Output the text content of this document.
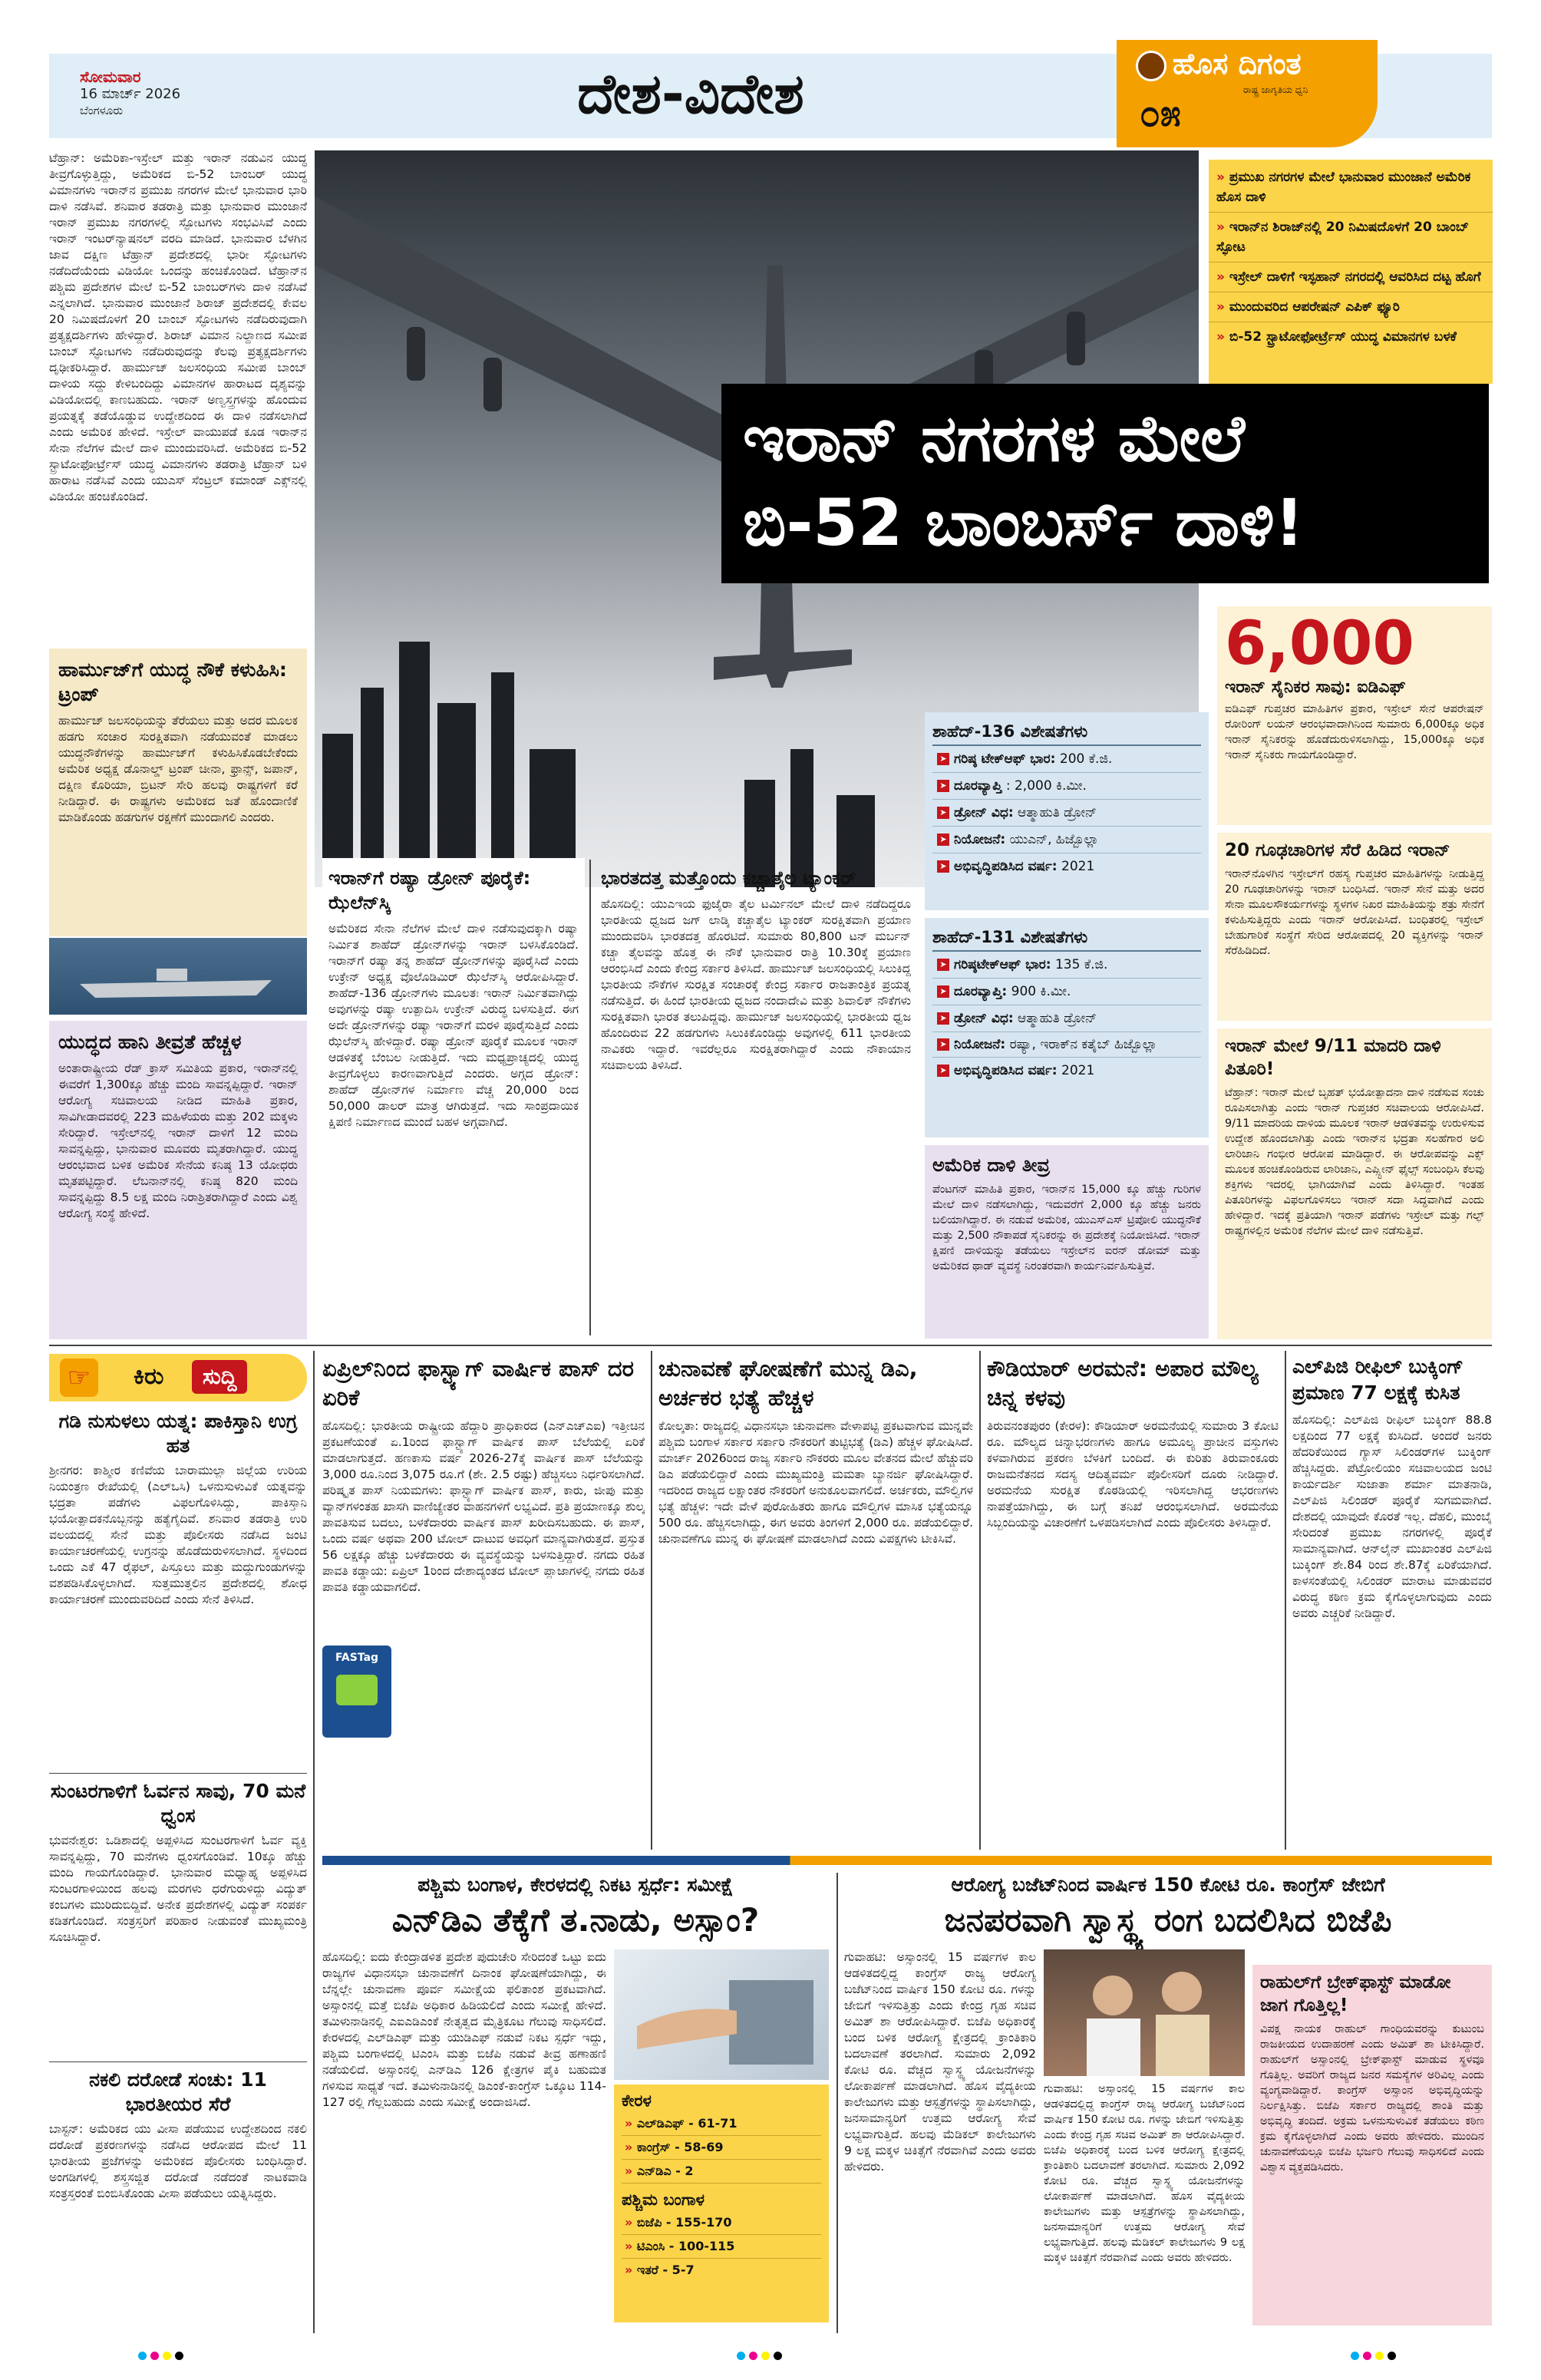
ಸೋಮವಾರ
16 ಮಾರ್ಚ್ 2026
ಬೆಂಗಳೂರು	ದೇಶ-ವಿದೇಶ	ಹೊಸ ದಿಗಂತ
ರಾಷ್ಟ್ರ ಜಾಗೃತಿಯ ಧ್ವನಿ
೦೫
ಟೆಹ್ರಾನ್: ಅಮೆರಿಕಾ-ಇಸ್ರೇಲ್ ಮತ್ತು ಇರಾನ್ ನಡುವಿನ ಯುದ್ಧ ತೀವ್ರಗೊಳ್ಳುತ್ತಿದ್ದು, ಅಮೆರಿಕದ ಬಿ-52 ಬಾಂಬರ್ ಯುದ್ಧ ವಿಮಾನಗಳು ಇರಾನ್‌ನ ಪ್ರಮುಖ ನಗರಗಳ ಮೇಲೆ ಭಾನುವಾರ ಭಾರಿ ದಾಳಿ ನಡೆಸಿವೆ. ಶನಿವಾರ ತಡರಾತ್ರಿ ಮತ್ತು ಭಾನುವಾರ ಮುಂಜಾನೆ ಇರಾನ್ ಪ್ರಮುಖ ನಗರಗಳಲ್ಲಿ ಸ್ಫೋಟಗಳು ಸಂಭವಿಸಿವೆ ಎಂದು ಇರಾನ್ ಇಂಟರ್‌ನ್ಯಾಷನಲ್ ವರದಿ ಮಾಡಿದೆ. ಭಾನುವಾರ ಬೆಳಗಿನ ಜಾವ ದಕ್ಷಿಣ ಟೆಹ್ರಾನ್ ಪ್ರದೇಶದಲ್ಲಿ ಭಾರೀ ಸ್ಫೋಟಗಳು ನಡೆದಿದೆಯೆಂದು ವಿಡಿಯೋ ಒಂದನ್ನು ಹಂಚಿಕೊಂಡಿದೆ. ಟೆಹ್ರಾನ್‌ನ ಪಶ್ಚಿಮ ಪ್ರದೇಶಗಳ ಮೇಲೆ ಬಿ-52 ಬಾಂಬರ್‌ಗಳು ದಾಳಿ ನಡೆಸಿವೆ ಎನ್ನಲಾಗಿದೆ. ಭಾನುವಾರ ಮುಂಜಾನೆ ಶಿರಾಜ್ ಪ್ರದೇಶದಲ್ಲಿ ಕೇವಲ 20 ನಿಮಿಷದೊಳಗೆ 20 ಬಾಂಬ್ ಸ್ಫೋಟಗಳು ನಡೆದಿರುವುದಾಗಿ ಪ್ರತ್ಯಕ್ಷದರ್ಶಿಗಳು ಹೇಳಿದ್ದಾರೆ. ಶಿರಾಜ್ ವಿಮಾನ ನಿಲ್ದಾಣದ ಸಮೀಪ ಬಾಂಬ್ ಸ್ಫೋಟಗಳು ನಡೆದಿರುವುದನ್ನು ಕೆಲವು ಪ್ರತ್ಯಕ್ಷದರ್ಶಿಗಳು ದೃಢೀಕರಿಸಿದ್ದಾರೆ. ಹಾರ್ಮುಜ್ ಜಲಸಂಧಿಯ ಸಮೀಪ ಬಾಂಬ್ ದಾಳಿಯ ಸದ್ದು ಕೇಳಿಬಂದಿದ್ದು ವಿಮಾನಗಳ ಹಾರಾಟದ ದೃಶ್ಯವನ್ನು ವಿಡಿಯೋದಲ್ಲಿ ಕಾಣಬಹುದು. ಇರಾನ್ ಅಣ್ವಸ್ತ್ರಗಳನ್ನು ಹೊಂದುವ ಪ್ರಯತ್ನಕ್ಕೆ ತಡೆಯೊಡ್ಡುವ ಉದ್ದೇಶದಿಂದ ಈ ದಾಳಿ ನಡೆಸಲಾಗಿದೆ ಎಂದು ಅಮೆರಿಕ ಹೇಳಿದೆ. ಇಸ್ರೇಲ್ ವಾಯುಪಡೆ ಕೂಡ ಇರಾನ್‌ನ ಸೇನಾ ನೆಲೆಗಳ ಮೇಲೆ ದಾಳಿ ಮುಂದುವರಿಸಿದೆ. ಅಮೆರಿಕದ ಬಿ-52 ಸ್ಟ್ರಾಟೋಫೋರ್ಟ್ರೆಸ್ ಯುದ್ಧ ವಿಮಾನಗಳು ತಡರಾತ್ರಿ ಟೆಹ್ರಾನ್ ಬಳಿ ಹಾರಾಟ ನಡೆಸಿವೆ ಎಂದು ಯುಎಸ್ ಸೆಂಟ್ರಲ್ ಕಮಾಂಡ್ ಎಕ್ಸ್‌ನಲ್ಲಿ ವಿಡಿಯೋ ಹಂಚಿಕೊಂಡಿದೆ.
ಇರಾನ್ ನಗರಗಳ ಮೇಲೆ
ಬಿ-52 ಬಾಂಬರ್ಸ್ ದಾಳಿ!
» ಪ್ರಮುಖ ನಗರಗಳ ಮೇಲೆ ಭಾನುವಾರ ಮುಂಜಾನೆ ಅಮೆರಿಕ ಹೊಸ ದಾಳಿ
» ಇರಾನ್‌ನ ಶಿರಾಜ್‌ನಲ್ಲಿ 20 ನಿಮಿಷದೊಳಗೆ 20 ಬಾಂಬ್ ಸ್ಫೋಟ
» ಇಸ್ರೇಲ್ ದಾಳಿಗೆ ಇಸ್ಫಹಾನ್ ನಗರದಲ್ಲಿ ಆವರಿಸಿದ ದಟ್ಟ ಹೊಗೆ
» ಮುಂದುವರಿದ ಆಪರೇಷನ್ ಎಪಿಕ್ ಫ್ಯೂರಿ
» ಬಿ-52 ಸ್ಟ್ರಾಟೋಫೋರ್ಟ್ರೆಸ್ ಯುದ್ಧ ವಿಮಾನಗಳ ಬಳಕೆ
ಹಾರ್ಮುಜ್‌ಗೆ ಯುದ್ಧ ನೌಕೆ ಕಳುಹಿಸಿ: ಟ್ರಂಪ್
ಹಾರ್ಮುಜ್ ಜಲಸಂಧಿಯನ್ನು ತೆರೆಯಲು ಮತ್ತು ಅದರ ಮೂಲಕ ಹಡಗು ಸಂಚಾರ ಸುರಕ್ಷಿತವಾಗಿ ನಡೆಯುವಂತೆ ಮಾಡಲು ಯುದ್ಧನೌಕೆಗಳನ್ನು ಹಾರ್ಮುಜ್‌ಗೆ ಕಳುಹಿಸಿಕೊಡಬೇಕೆಂದು ಅಮೆರಿಕ ಅಧ್ಯಕ್ಷ ಡೊನಾಲ್ಡ್ ಟ್ರಂಪ್ ಚೀನಾ, ಫ್ರಾನ್ಸ್, ಜಪಾನ್, ದಕ್ಷಿಣ ಕೊರಿಯಾ, ಬ್ರಿಟನ್ ಸೇರಿ ಹಲವು ರಾಷ್ಟ್ರಗಳಿಗೆ ಕರೆ ನೀಡಿದ್ದಾರೆ. ಈ ರಾಷ್ಟ್ರಗಳು ಅಮೆರಿಕದ ಜತೆ ಹೊಂದಾಣಿಕೆ ಮಾಡಿಕೊಂಡು ಹಡಗುಗಳ ರಕ್ಷಣೆಗೆ ಮುಂದಾಗಲಿ ಎಂದರು.
ಯುದ್ಧದ ಹಾನಿ ತೀವ್ರತೆ ಹೆಚ್ಚಳ
ಅಂತಾರಾಷ್ಟ್ರೀಯ ರೆಡ್ ಕ್ರಾಸ್ ಸಮಿತಿಯ ಪ್ರಕಾರ, ಇರಾನ್‌ನಲ್ಲಿ ಈವರೆಗೆ 1,300ಕ್ಕೂ ಹೆಚ್ಚು ಮಂದಿ ಸಾವನ್ನಪ್ಪಿದ್ದಾರೆ. ಇರಾನ್ ಆರೋಗ್ಯ ಸಚಿವಾಲಯ ನೀಡಿದ ಮಾಹಿತಿ ಪ್ರಕಾರ, ಸಾವಿಗೀಡಾದವರಲ್ಲಿ 223 ಮಹಿಳೆಯರು ಮತ್ತು 202 ಮಕ್ಕಳು ಸೇರಿದ್ದಾರೆ. ಇಸ್ರೇಲ್‌ನಲ್ಲಿ ಇರಾನ್ ದಾಳಿಗೆ 12 ಮಂದಿ ಸಾವನ್ನಪ್ಪಿದ್ದು, ಭಾನುವಾರ ಮೂವರು ಮೃತರಾಗಿದ್ದಾರೆ. ಯುದ್ಧ ಆರಂಭವಾದ ಬಳಿಕ ಅಮೆರಿಕ ಸೇನೆಯ ಕನಿಷ್ಠ 13 ಯೋಧರು ಮೃತಪಟ್ಟಿದ್ದಾರೆ. ಲೆಬನಾನ್‌ನಲ್ಲಿ ಕನಿಷ್ಠ 820 ಮಂದಿ ಸಾವನ್ನಪ್ಪಿದ್ದು 8.5 ಲಕ್ಷ ಮಂದಿ ನಿರಾಶ್ರಿತರಾಗಿದ್ದಾರೆ ಎಂದು ವಿಶ್ವ ಆರೋಗ್ಯ ಸಂಸ್ಥೆ ಹೇಳಿದೆ.
ಇರಾನ್‌ಗೆ ರಷ್ಯಾ ಡ್ರೋನ್ ಪೂರೈಕೆ: ಝೆಲೆನ್‌ಸ್ಕಿ
ಅಮೆರಿಕದ ಸೇನಾ ನೆಲೆಗಳ ಮೇಲೆ ದಾಳಿ ನಡೆಸುವುದಕ್ಕಾಗಿ ರಷ್ಯಾ ನಿರ್ಮಿತ ಶಾಹೆದ್ ಡ್ರೋನ್‌ಗಳನ್ನು ಇರಾನ್ ಬಳಸಿಕೊಂಡಿದೆ. ಇರಾನ್‌ಗೆ ರಷ್ಯಾ ತನ್ನ ಶಾಹೆದ್ ಡ್ರೋನ್‌ಗಳನ್ನು ಪೂರೈಸಿದೆ ಎಂದು ಉಕ್ರೇನ್ ಅಧ್ಯಕ್ಷ ವೊಲೊಡಿಮಿರ್ ಝೆಲೆನ್‌ಸ್ಕಿ ಆರೋಪಿಸಿದ್ದಾರೆ. ಶಾಹೆದ್-136 ಡ್ರೋನ್‌ಗಳು ಮೂಲತಃ ಇರಾನ್ ನಿರ್ಮಿತವಾಗಿದ್ದು ಅವುಗಳನ್ನು ರಷ್ಯಾ ಉತ್ಪಾದಿಸಿ ಉಕ್ರೇನ್ ವಿರುದ್ಧ ಬಳಸುತ್ತಿದೆ. ಈಗ ಅದೇ ಡ್ರೋನ್‌ಗಳನ್ನು ರಷ್ಯಾ ಇರಾನ್‌ಗೆ ಮರಳಿ ಪೂರೈಸುತ್ತಿದೆ ಎಂದು ಝೆಲೆನ್‌ಸ್ಕಿ ಹೇಳಿದ್ದಾರೆ. ರಷ್ಯಾ ಡ್ರೋನ್ ಪೂರೈಕೆ ಮೂಲಕ ಇರಾನ್ ಆಡಳಿತಕ್ಕೆ ಬೆಂಬಲ ನೀಡುತ್ತಿದೆ. ಇದು ಮಧ್ಯಪ್ರಾಚ್ಯದಲ್ಲಿ ಯುದ್ಧ ತೀವ್ರಗೊಳ್ಳಲು ಕಾರಣವಾಗುತ್ತಿದೆ ಎಂದರು. ಅಗ್ಗದ ಡ್ರೋನ್: ಶಾಹೆದ್ ಡ್ರೋನ್‌ಗಳ ನಿರ್ಮಾಣ ವೆಚ್ಚ 20,000 ರಿಂದ 50,000 ಡಾಲರ್ ಮಾತ್ರ ಆಗಿರುತ್ತದೆ. ಇದು ಸಾಂಪ್ರದಾಯಿಕ ಕ್ಷಿಪಣಿ ನಿರ್ಮಾಣದ ಮುಂದೆ ಬಹಳ ಅಗ್ಗವಾಗಿದೆ.
ಭಾರತದತ್ತ ಮತ್ತೊಂದು ಕಚ್ಚಾತೈಲ ಟ್ಯಾಂಕರ್
ಹೊಸದಿಲ್ಲಿ: ಯುಎಇಯ ಫುಜೈರಾ ತೈಲ ಟರ್ಮಿನಲ್ ಮೇಲೆ ದಾಳಿ ನಡೆದಿದ್ದರೂ ಭಾರತೀಯ ಧ್ವಜದ ಜಗ್ ಲಾಡ್ಕಿ ಕಚ್ಚಾತೈಲ ಟ್ಯಾಂಕರ್ ಸುರಕ್ಷಿತವಾಗಿ ಪ್ರಯಾಣ ಮುಂದುವರಿಸಿ ಭಾರತದತ್ತ ಹೊರಟಿದೆ. ಸುಮಾರು 80,800 ಟನ್ ಮರ್ಬನ್ ಕಚ್ಚಾ ತೈಲವನ್ನು ಹೊತ್ತ ಈ ನೌಕೆ ಭಾನುವಾರ ರಾತ್ರಿ 10.30ಕ್ಕೆ ಪ್ರಯಾಣ ಆರಂಭಿಸಿದೆ ಎಂದು ಕೇಂದ್ರ ಸರ್ಕಾರ ತಿಳಿಸಿದೆ. ಹಾರ್ಮುಜ್ ಜಲಸಂಧಿಯಲ್ಲಿ ಸಿಲುಕಿದ್ದ ಭಾರತೀಯ ನೌಕೆಗಳ ಸುರಕ್ಷಿತ ಸಂಚಾರಕ್ಕೆ ಕೇಂದ್ರ ಸರ್ಕಾರ ರಾಜತಾಂತ್ರಿಕ ಪ್ರಯತ್ನ ನಡೆಸುತ್ತಿದೆ. ಈ ಹಿಂದೆ ಭಾರತೀಯ ಧ್ವಜದ ನಂದಾದೇವಿ ಮತ್ತು ಶಿವಾಲಿಕ್ ನೌಕೆಗಳು ಸುರಕ್ಷಿತವಾಗಿ ಭಾರತ ತಲುಪಿದ್ದವು. ಹಾರ್ಮುಜ್ ಜಲಸಂಧಿಯಲ್ಲಿ ಭಾರತೀಯ ಧ್ವಜ ಹೊಂದಿರುವ 22 ಹಡಗುಗಳು ಸಿಲುಕಿಕೊಂಡಿದ್ದು ಅವುಗಳಲ್ಲಿ 611 ಭಾರತೀಯ ನಾವಿಕರು ಇದ್ದಾರೆ. ಇವರೆಲ್ಲರೂ ಸುರಕ್ಷಿತರಾಗಿದ್ದಾರೆ ಎಂದು ನೌಕಾಯಾನ ಸಚಿವಾಲಯ ತಿಳಿಸಿದೆ.
ಶಾಹೆದ್-136 ವಿಶೇಷತೆಗಳು
➤ ಗರಿಷ್ಠ ಟೇಕ್‌ಆಫ್ ಭಾರ: 200 ಕೆ.ಜಿ.
➤ ದೂರವ್ಯಾಪ್ತಿ : 2,000 ಕಿ.ಮೀ.
➤ ಡ್ರೋನ್ ವಿಧ: ಆತ್ಮಾಹುತಿ ಡ್ರೋನ್
➤ ನಿಯೋಜನೆ: ಯುಎನ್, ಹಿಜ್ಬೊಲ್ಲಾ
➤ ಅಭಿವೃದ್ಧಿಪಡಿಸಿದ ವರ್ಷ: 2021
ಶಾಹೆದ್-131 ವಿಶೇಷತೆಗಳು
➤ ಗರಿಷ್ಠಟೇಕ್‌ಆಫ್ ಭಾರ: 135 ಕೆ.ಜಿ.
➤ ದೂರವ್ಯಾಪ್ತಿ: 900 ಕಿ.ಮೀ.
➤ ಡ್ರೋನ್ ವಿಧ: ಆತ್ಮಾಹುತಿ ಡ್ರೋನ್
➤ ನಿಯೋಜನೆ: ರಷ್ಯಾ, ಇರಾಕ್‌ನ ಕತೈಬ್ ಹಿಜ್ಬೊಲ್ಲಾ
➤ ಅಭಿವೃದ್ಧಿಪಡಿಸಿದ ವರ್ಷ: 2021
ಅಮೆರಿಕ ದಾಳಿ ತೀವ್ರ
ಪೆಂಟಗನ್ ಮಾಹಿತಿ ಪ್ರಕಾರ, ಇರಾನ್‌ನ 15,000 ಕ್ಕೂ ಹೆಚ್ಚು ಗುರಿಗಳ ಮೇಲೆ ದಾಳಿ ನಡೆಸಲಾಗಿದ್ದು, ಇದುವರೆಗೆ 2,000 ಕ್ಕೂ ಹೆಚ್ಚು ಜನರು ಬಲಿಯಾಗಿದ್ದಾರೆ. ಈ ನಡುವೆ ಅಮೆರಿಕ, ಯುಎಸ್ಎಸ್ ಟ್ರಿಪೋಲಿ ಯುದ್ಧನೌಕೆ ಮತ್ತು 2,500 ನೌಕಾಪಡೆ ಸೈನಿಕರನ್ನು ಈ ಪ್ರದೇಶಕ್ಕೆ ನಿಯೋಜಿಸಿದೆ. ಇರಾನ್ ಕ್ಷಿಪಣಿ ದಾಳಿಯನ್ನು ತಡೆಯಲು ಇಸ್ರೇಲ್‌ನ ಐರನ್ ಡೋಮ್ ಮತ್ತು ಅಮೆರಿಕದ ಥಾಡ್ ವ್ಯವಸ್ಥೆ ನಿರಂತರವಾಗಿ ಕಾರ್ಯನಿರ್ವಹಿಸುತ್ತಿವೆ.
6,000
ಇರಾನ್ ಸೈನಿಕರ ಸಾವು: ಐಡಿಎಫ್
ಐಡಿಎಫ್ ಗುಪ್ತಚರ ಮಾಹಿತಿಗಳ ಪ್ರಕಾರ, ಇಸ್ರೇಲ್ ಸೇನೆ ಆಪರೇಷನ್ ರೋರಿಂಗ್ ಲಯನ್ ಆರಂಭವಾದಾಗಿನಿಂದ ಸುಮಾರು 6,000ಕ್ಕೂ ಅಧಿಕ ಇರಾನ್ ಸೈನಿಕರನ್ನು ಹೊಡೆದುರುಳಿಸಲಾಗಿದ್ದು, 15,000ಕ್ಕೂ ಅಧಿಕ ಇರಾನ್ ಸೈನಿಕರು ಗಾಯಗೊಂಡಿದ್ದಾರೆ.
20 ಗೂಢಚಾರಿಗಳ ಸೆರೆ ಹಿಡಿದ ಇರಾನ್
ಇರಾನ್‌ನೊಳಗಿನ ಇಸ್ರೇಲ್‌ಗೆ ರಹಸ್ಯ ಗುಪ್ತಚರ ಮಾಹಿತಿಗಳನ್ನು ನೀಡುತ್ತಿದ್ದ 20 ಗೂಢಚಾರಿಗಳನ್ನು ಇರಾನ್ ಬಂಧಿಸಿದೆ. ಇರಾನ್ ಸೇನೆ ಮತ್ತು ಅದರ ಸೇನಾ ಮೂಲಸೌಕರ್ಯಗಳನ್ನು ಸ್ಥಳಗಳ ನಿಖರ ಮಾಹಿತಿಯನ್ನು ಶತ್ರು ಸೇನೆಗೆ ಕಳುಹಿಸುತ್ತಿದ್ದರು ಎಂದು ಇರಾನ್ ಆರೋಪಿಸಿದೆ. ಬಂಧಿತರಲ್ಲಿ ಇಸ್ರೇಲ್ ಬೇಹುಗಾರಿಕೆ ಸಂಸ್ಥೆಗೆ ಸೇರಿದ ಆರೋಪದಲ್ಲಿ 20 ವ್ಯಕ್ತಿಗಳನ್ನು ಇರಾನ್ ಸೆರೆಹಿಡಿದಿದೆ.
ಇರಾನ್ ಮೇಲೆ 9/11 ಮಾದರಿ ದಾಳಿ ಪಿತೂರಿ!
ಟೆಹ್ರಾನ್: ಇರಾನ್ ಮೇಲೆ ಬೃಹತ್ ಭಯೋತ್ಪಾದನಾ ದಾಳಿ ನಡೆಸುವ ಸಂಚು ರೂಪಿಸಲಾಗಿತ್ತು ಎಂದು ಇರಾನ್ ಗುಪ್ತಚರ ಸಚಿವಾಲಯ ಆರೋಪಿಸಿದೆ. 9/11 ಮಾದರಿಯ ದಾಳಿಯ ಮೂಲಕ ಇರಾನ್ ಆಡಳಿತವನ್ನು ಉರುಳಿಸುವ ಉದ್ದೇಶ ಹೊಂದಲಾಗಿತ್ತು ಎಂದು ಇರಾನ್‌ನ ಭದ್ರತಾ ಸಲಹೆಗಾರ ಅಲಿ ಲಾರಿಜಾನಿ ಗಂಭೀರ ಆರೋಪ ಮಾಡಿದ್ದಾರೆ. ಈ ಆರೋಪವನ್ನು ಎಕ್ಸ್ ಮೂಲಕ ಹಂಚಿಕೊಂಡಿರುವ ಲಾರಿಜಾನಿ, ಎಪ್ಸ್ಟೀನ್ ಫೈಲ್ಸ್ ಸಂಬಂಧಿಸಿ ಕೆಲವು ಶಕ್ತಿಗಳು ಇದರಲ್ಲಿ ಭಾಗಿಯಾಗಿವೆ ಎಂದು ತಿಳಿಸಿದ್ದಾರೆ. ಇಂತಹ ಪಿತೂರಿಗಳನ್ನು ವಿಫಲಗೊಳಿಸಲು ಇರಾನ್ ಸದಾ ಸಿದ್ಧವಾಗಿದೆ ಎಂದು ಹೇಳಿದ್ದಾರೆ. ಇದಕ್ಕೆ ಪ್ರತಿಯಾಗಿ ಇರಾನ್ ಪಡೆಗಳು ಇಸ್ರೇಲ್ ಮತ್ತು ಗಲ್ಫ್ ರಾಷ್ಟ್ರಗಳಲ್ಲಿನ ಅಮೆರಿಕ ನೆಲೆಗಳ ಮೇಲೆ ದಾಳಿ ನಡೆಸುತ್ತಿವೆ.
☞	ಕಿರು	ಸುದ್ದಿ
ಗಡಿ ನುಸುಳಲು ಯತ್ನ: ಪಾಕಿಸ್ತಾನಿ ಉಗ್ರ ಹತ
ಶ್ರೀನಗರ: ಕಾಶ್ಮೀರ ಕಣಿವೆಯ ಬಾರಾಮುಲ್ಲಾ ಜಿಲ್ಲೆಯ ಉರಿಯ ನಿಯಂತ್ರಣ ರೇಖೆಯಲ್ಲಿ (ಎಲ್‌ಒಸಿ) ಒಳನುಸುಳುವಿಕೆ ಯತ್ನವನ್ನು ಭದ್ರತಾ ಪಡೆಗಳು ವಿಫಲಗೊಳಿಸಿದ್ದು, ಪಾಕಿಸ್ತಾನಿ ಭಯೋತ್ಪಾದಕನೊಬ್ಬನನ್ನು ಹತ್ಯೆಗೈದಿವೆ. ಶನಿವಾರ ತಡರಾತ್ರಿ ಉರಿ ವಲಯದಲ್ಲಿ ಸೇನೆ ಮತ್ತು ಪೊಲೀಸರು ನಡೆಸಿದ ಜಂಟಿ ಕಾರ್ಯಾಚರಣೆಯಲ್ಲಿ ಉಗ್ರನನ್ನು ಹೊಡೆದುರುಳಿಸಲಾಗಿದೆ. ಸ್ಥಳದಿಂದ ಒಂದು ಎಕೆ 47 ರೈಫಲ್, ಪಿಸ್ತೂಲು ಮತ್ತು ಮದ್ದುಗುಂಡುಗಳನ್ನು ವಶಪಡಿಸಿಕೊಳ್ಳಲಾಗಿದೆ. ಸುತ್ತಮುತ್ತಲಿನ ಪ್ರದೇಶದಲ್ಲಿ ಶೋಧ ಕಾರ್ಯಾಚರಣೆ ಮುಂದುವರಿದಿದೆ ಎಂದು ಸೇನೆ ತಿಳಿಸಿದೆ.
ಸುಂಟರಗಾಳಿಗೆ ಓರ್ವನ ಸಾವು, 70 ಮನೆ ಧ್ವಂಸ
ಭುವನೇಶ್ವರ: ಒಡಿಶಾದಲ್ಲಿ ಅಪ್ಪಳಿಸಿದ ಸುಂಟರಗಾಳಿಗೆ ಓರ್ವ ವ್ಯಕ್ತಿ ಸಾವನ್ನಪ್ಪಿದ್ದು, 70 ಮನೆಗಳು ಧ್ವಂಸಗೊಂಡಿವೆ. 10ಕ್ಕೂ ಹೆಚ್ಚು ಮಂದಿ ಗಾಯಗೊಂಡಿದ್ದಾರೆ. ಭಾನುವಾರ ಮಧ್ಯಾಹ್ನ ಅಪ್ಪಳಿಸಿದ ಸುಂಟರಗಾಳಿಯಿಂದ ಹಲವು ಮರಗಳು ಧರೆಗುರುಳಿದ್ದು ವಿದ್ಯುತ್ ಕಂಬಗಳು ಮುರಿದುಬಿದ್ದಿವೆ. ಅನೇಕ ಪ್ರದೇಶಗಳಲ್ಲಿ ವಿದ್ಯುತ್ ಸಂಪರ್ಕ ಕಡಿತಗೊಂಡಿದೆ. ಸಂತ್ರಸ್ತರಿಗೆ ಪರಿಹಾರ ನೀಡುವಂತೆ ಮುಖ್ಯಮಂತ್ರಿ ಸೂಚಿಸಿದ್ದಾರೆ.
ನಕಲಿ ದರೋಡೆ ಸಂಚು: 11 ಭಾರತೀಯರ ಸೆರೆ
ಬಾಸ್ಟನ್: ಅಮೆರಿಕದ ಯು ವೀಸಾ ಪಡೆಯುವ ಉದ್ದೇಶದಿಂದ ನಕಲಿ ದರೋಡೆ ಪ್ರಕರಣಗಳನ್ನು ನಡೆಸಿದ ಆರೋಪದ ಮೇಲೆ 11 ಭಾರತೀಯ ಪ್ರಜೆಗಳನ್ನು ಅಮೆರಿಕದ ಪೊಲೀಸರು ಬಂಧಿಸಿದ್ದಾರೆ. ಅಂಗಡಿಗಳಲ್ಲಿ ಶಸ್ತ್ರಸಜ್ಜಿತ ದರೋಡೆ ನಡೆದಂತೆ ನಾಟಕವಾಡಿ ಸಂತ್ರಸ್ತರಂತೆ ಬಿಂಬಿಸಿಕೊಂಡು ವೀಸಾ ಪಡೆಯಲು ಯತ್ನಿಸಿದ್ದರು.
ಏಪ್ರಿಲ್‌ನಿಂದ ಫಾಸ್ಟ್ಯಾಗ್ ವಾರ್ಷಿಕ ಪಾಸ್ ದರ ಏರಿಕೆ
FASTag
ಹೊಸದಿಲ್ಲಿ: ಭಾರತೀಯ ರಾಷ್ಟ್ರೀಯ ಹೆದ್ದಾರಿ ಪ್ರಾಧಿಕಾರದ (ಎನ್‌ಎಚ್‌ಎಐ) ಇತ್ತೀಚಿನ ಪ್ರಕಟಣೆಯಂತೆ ಏ.1ರಿಂದ ಫಾಸ್ಟ್ಯಾಗ್ ವಾರ್ಷಿಕ ಪಾಸ್ ಬೆಲೆಯಲ್ಲಿ ಏರಿಕೆ ಮಾಡಲಾಗುತ್ತದೆ. ಹಣಕಾಸು ವರ್ಷ 2026-27ಕ್ಕೆ ವಾರ್ಷಿಕ ಪಾಸ್ ಬೆಲೆಯನ್ನು 3,000 ರೂ.ನಿಂದ 3,075 ರೂ.ಗೆ (ಶೇ. 2.5 ರಷ್ಟು) ಹೆಚ್ಚಿಸಲು ನಿರ್ಧರಿಸಲಾಗಿದೆ. ಪರಿಷ್ಕೃತ ಪಾಸ್ ನಿಯಮಗಳು: ಫಾಸ್ಟ್ಯಾಗ್ ವಾರ್ಷಿಕ ಪಾಸ್, ಕಾರು, ಜೀಪು ಮತ್ತು ವ್ಯಾನ್‌ಗಳಂತಹ ಖಾಸಗಿ ವಾಣಿಜ್ಯೇತರ ವಾಹನಗಳಿಗೆ ಲಭ್ಯವಿದೆ. ಪ್ರತಿ ಪ್ರಯಾಣಕ್ಕೂ ಶುಲ್ಕ ಪಾವತಿಸುವ ಬದಲು, ಬಳಕೆದಾರರು ವಾರ್ಷಿಕ ಪಾಸ್ ಖರೀದಿಸಬಹುದು. ಈ ಪಾಸ್, ಒಂದು ವರ್ಷ ಅಥವಾ 200 ಟೋಲ್ ದಾಟುವ ಅವಧಿಗೆ ಮಾನ್ಯವಾಗಿರುತ್ತದೆ. ಪ್ರಸ್ತುತ 56 ಲಕ್ಷಕ್ಕೂ ಹೆಚ್ಚು ಬಳಕೆದಾರರು ಈ ವ್ಯವಸ್ಥೆಯನ್ನು ಬಳಸುತ್ತಿದ್ದಾರೆ. ನಗದು ರಹಿತ ಪಾವತಿ ಕಡ್ಡಾಯ: ಏಪ್ರಿಲ್ 1ರಿಂದ ದೇಶಾದ್ಯಂತದ ಟೋಲ್ ಪ್ಲಾಜಾಗಳಲ್ಲಿ ನಗದು ರಹಿತ ಪಾವತಿ ಕಡ್ಡಾಯವಾಗಲಿದೆ.
ಚುನಾವಣೆ ಘೋಷಣೆಗೆ ಮುನ್ನ ಡಿಎ, ಅರ್ಚಕರ ಭತ್ಯೆ ಹೆಚ್ಚಳ
ಕೋಲ್ಕತಾ: ರಾಜ್ಯದಲ್ಲಿ ವಿಧಾನಸಭಾ ಚುನಾವಣಾ ವೇಳಾಪಟ್ಟಿ ಪ್ರಕಟವಾಗುವ ಮುನ್ನವೇ ಪಶ್ಚಿಮ ಬಂಗಾಳ ಸರ್ಕಾರ ಸರ್ಕಾರಿ ನೌಕರರಿಗೆ ತುಟ್ಟಿಭತ್ಯೆ (ಡಿಎ) ಹೆಚ್ಚಳ ಘೋಷಿಸಿದೆ. ಮಾರ್ಚ್ 2026ರಿಂದ ರಾಜ್ಯ ಸರ್ಕಾರಿ ನೌಕರರು ಮೂಲ ವೇತನದ ಮೇಲೆ ಹೆಚ್ಚುವರಿ ಡಿಎ ಪಡೆಯಲಿದ್ದಾರೆ ಎಂದು ಮುಖ್ಯಮಂತ್ರಿ ಮಮತಾ ಬ್ಯಾನರ್ಜಿ ಘೋಷಿಸಿದ್ದಾರೆ. ಇದರಿಂದ ರಾಜ್ಯದ ಲಕ್ಷಾಂತರ ನೌಕರರಿಗೆ ಅನುಕೂಲವಾಗಲಿದೆ. ಅರ್ಚಕರು, ಮೌಲ್ವಿಗಳ ಭತ್ಯೆ ಹೆಚ್ಚಳ: ಇದೇ ವೇಳೆ ಪುರೋಹಿತರು ಹಾಗೂ ಮೌಲ್ವಿಗಳ ಮಾಸಿಕ ಭತ್ಯೆಯನ್ನೂ 500 ರೂ. ಹೆಚ್ಚಿಸಲಾಗಿದ್ದು, ಈಗ ಅವರು ತಿಂಗಳಿಗೆ 2,000 ರೂ. ಪಡೆಯಲಿದ್ದಾರೆ. ಚುನಾವಣೆಗೂ ಮುನ್ನ ಈ ಘೋಷಣೆ ಮಾಡಲಾಗಿದೆ ಎಂದು ವಿಪಕ್ಷಗಳು ಟೀಕಿಸಿವೆ.
ಕೌಡಿಯಾರ್ ಅರಮನೆ: ಅಪಾರ ಮೌಲ್ಯ ಚಿನ್ನ ಕಳವು
ತಿರುವನಂತಪುರಂ (ಕೇರಳ): ಕೌಡಿಯಾರ್ ಅರಮನೆಯಲ್ಲಿ ಸುಮಾರು 3 ಕೋಟಿ ರೂ. ಮೌಲ್ಯದ ಚಿನ್ನಾಭರಣಗಳು ಹಾಗೂ ಅಮೂಲ್ಯ ಪ್ರಾಚೀನ ವಸ್ತುಗಳು ಕಳವಾಗಿರುವ ಪ್ರಕರಣ ಬೆಳಕಿಗೆ ಬಂದಿದೆ. ಈ ಕುರಿತು ತಿರುವಾಂಕೂರು ರಾಜಮನೆತನದ ಸದಸ್ಯ ಆದಿತ್ಯವರ್ಮ ಪೊಲೀಸರಿಗೆ ದೂರು ನೀಡಿದ್ದಾರೆ. ಅರಮನೆಯ ಸುರಕ್ಷಿತ ಕೊಠಡಿಯಲ್ಲಿ ಇರಿಸಲಾಗಿದ್ದ ಆಭರಣಗಳು ನಾಪತ್ತೆಯಾಗಿದ್ದು, ಈ ಬಗ್ಗೆ ತನಿಖೆ ಆರಂಭಿಸಲಾಗಿದೆ. ಅರಮನೆಯ ಸಿಬ್ಬಂದಿಯನ್ನು ವಿಚಾರಣೆಗೆ ಒಳಪಡಿಸಲಾಗಿದೆ ಎಂದು ಪೊಲೀಸರು ತಿಳಿಸಿದ್ದಾರೆ.
ಎಲ್‌ಪಿಜಿ ರೀಫಿಲ್ ಬುಕ್ಕಿಂಗ್ ಪ್ರಮಾಣ 77 ಲಕ್ಷಕ್ಕೆ ಕುಸಿತ
ಹೊಸದಿಲ್ಲಿ: ಎಲ್‌ಪಿಜಿ ರೀಫಿಲ್ ಬುಕ್ಕಿಂಗ್ 88.8 ಲಕ್ಷದಿಂದ 77 ಲಕ್ಷಕ್ಕೆ ಕುಸಿದಿದೆ. ಅಂದರೆ ಜನರು ಹೆದರಿಕೆಯಿಂದ ಗ್ಯಾಸ್ ಸಿಲಿಂಡರ್‌ಗಳ ಬುಕ್ಕಿಂಗ್ ಹೆಚ್ಚಿಸಿದ್ದರು. ಪೆಟ್ರೋಲಿಯಂ ಸಚಿವಾಲಯದ ಜಂಟಿ ಕಾರ್ಯದರ್ಶಿ ಸುಜಾತಾ ಶರ್ಮಾ ಮಾತನಾಡಿ, ಎಲ್‌ಪಿಜಿ ಸಿಲಿಂಡರ್ ಪೂರೈಕೆ ಸುಗಮವಾಗಿದೆ. ದೇಶದಲ್ಲಿ ಯಾವುದೇ ಕೊರತೆ ಇಲ್ಲ. ದೆಹಲಿ, ಮುಂಬೈ ಸೇರಿದಂತೆ ಪ್ರಮುಖ ನಗರಗಳಲ್ಲಿ ಪೂರೈಕೆ ಸಾಮಾನ್ಯವಾಗಿದೆ. ಆನ್‌ಲೈನ್ ಮುಖಾಂತರ ಎಲ್‌ಪಿಜಿ ಬುಕ್ಕಿಂಗ್ ಶೇ.84 ರಿಂದ ಶೇ.87ಕ್ಕೆ ಏರಿಕೆಯಾಗಿದೆ. ಕಾಳಸಂತೆಯಲ್ಲಿ ಸಿಲಿಂಡರ್ ಮಾರಾಟ ಮಾಡುವವರ ವಿರುದ್ಧ ಕಠಿಣ ಕ್ರಮ ಕೈಗೊಳ್ಳಲಾಗುವುದು ಎಂದು ಅವರು ಎಚ್ಚರಿಕೆ ನೀಡಿದ್ದಾರೆ.
ಪಶ್ಚಿಮ ಬಂಗಾಳ, ಕೇರಳದಲ್ಲಿ ನಿಕಟ ಸ್ಪರ್ಧೆ: ಸಮೀಕ್ಷೆ
ಎನ್‌ಡಿಎ ತೆಕ್ಕೆಗೆ ತ.ನಾಡು, ಅಸ್ಸಾಂ?
ಹೊಸದಿಲ್ಲಿ: ಐದು ಕೇಂದ್ರಾಡಳಿತ ಪ್ರದೇಶ ಪುದುಚೇರಿ ಸೇರಿದಂತೆ ಒಟ್ಟು ಐದು ರಾಜ್ಯಗಳ ವಿಧಾನಸಭಾ ಚುನಾವಣೆಗೆ ದಿನಾಂಕ ಘೋಷಣೆಯಾಗಿದ್ದು, ಈ ಬೆನ್ನಲ್ಲೇ ಚುನಾವಣಾ ಪೂರ್ವ ಸಮೀಕ್ಷೆಯ ಫಲಿತಾಂಶ ಪ್ರಕಟವಾಗಿದೆ. ಅಸ್ಸಾಂನಲ್ಲಿ ಮತ್ತೆ ಬಿಜೆಪಿ ಅಧಿಕಾರ ಹಿಡಿಯಲಿದೆ ಎಂದು ಸಮೀಕ್ಷೆ ಹೇಳಿದೆ. ತಮಿಳುನಾಡಿನಲ್ಲಿ ಎಐಎಡಿಎಂಕೆ ನೇತೃತ್ವದ ಮೈತ್ರಿಕೂಟ ಗೆಲುವು ಸಾಧಿಸಲಿದೆ. ಕೇರಳದಲ್ಲಿ ಎಲ್‌ಡಿಎಫ್ ಮತ್ತು ಯುಡಿಎಫ್ ನಡುವೆ ನಿಕಟ ಸ್ಪರ್ಧೆ ಇದ್ದು, ಪಶ್ಚಿಮ ಬಂಗಾಳದಲ್ಲಿ ಟಿಎಂಸಿ ಮತ್ತು ಬಿಜೆಪಿ ನಡುವೆ ತೀವ್ರ ಹಣಾಹಣಿ ನಡೆಯಲಿದೆ. ಅಸ್ಸಾಂನಲ್ಲಿ ಎನ್‌ಡಿಎ 126 ಕ್ಷೇತ್ರಗಳ ಪೈಕಿ ಬಹುಮತ ಗಳಿಸುವ ಸಾಧ್ಯತೆ ಇದೆ. ತಮಿಳುನಾಡಿನಲ್ಲಿ ಡಿಎಂಕೆ-ಕಾಂಗ್ರೆಸ್ ಒಕ್ಕೂಟ 114-127 ರಲ್ಲಿ ಗೆಲ್ಲಬಹುದು ಎಂದು ಸಮೀಕ್ಷೆ ಅಂದಾಜಿಸಿದೆ.	ಕೇರಳ
» ಎಲ್‌ಡಿಎಫ್ - 61-71
» ಕಾಂಗ್ರೆಸ್ - 58-69
» ಎನ್‌ಡಿಎ - 2
ಪಶ್ಚಿಮ ಬಂಗಾಳ
» ಬಿಜೆಪಿ - 155-170
» ಟಿಎಂಸಿ - 100-115
» ಇತರೆ - 5-7
ಆರೋಗ್ಯ ಬಜೆಟ್‌ನಿಂದ ವಾರ್ಷಿಕ 150 ಕೋಟಿ ರೂ. ಕಾಂಗ್ರೆಸ್ ಜೇಬಿಗೆ
ಜನಪರವಾಗಿ ಸ್ವಾಸ್ಥ್ಯ ರಂಗ ಬದಲಿಸಿದ ಬಿಜೆಪಿ
ಗುವಾಹಟಿ: ಅಸ್ಸಾಂನಲ್ಲಿ 15 ವರ್ಷಗಳ ಕಾಲ ಆಡಳಿತದಲ್ಲಿದ್ದ ಕಾಂಗ್ರೆಸ್ ರಾಜ್ಯ ಆರೋಗ್ಯ ಬಜೆಟ್‌ನಿಂದ ವಾರ್ಷಿಕ 150 ಕೋಟಿ ರೂ. ಗಳನ್ನು ಜೇಬಿಗೆ ಇಳಿಸುತ್ತಿತ್ತು ಎಂದು ಕೇಂದ್ರ ಗೃಹ ಸಚಿವ ಅಮಿತ್ ಶಾ ಆರೋಪಿಸಿದ್ದಾರೆ. ಬಿಜೆಪಿ ಅಧಿಕಾರಕ್ಕೆ ಬಂದ ಬಳಿಕ ಆರೋಗ್ಯ ಕ್ಷೇತ್ರದಲ್ಲಿ ಕ್ರಾಂತಿಕಾರಿ ಬದಲಾವಣೆ ತರಲಾಗಿದೆ. ಸುಮಾರು 2,092 ಕೋಟಿ ರೂ. ವೆಚ್ಚದ ಸ್ವಾಸ್ಥ್ಯ ಯೋಜನೆಗಳನ್ನು ಲೋಕಾರ್ಪಣೆ ಮಾಡಲಾಗಿದೆ. ಹೊಸ ವೈದ್ಯಕೀಯ ಕಾಲೇಜುಗಳು ಮತ್ತು ಆಸ್ಪತ್ರೆಗಳನ್ನು ಸ್ಥಾಪಿಸಲಾಗಿದ್ದು, ಜನಸಾಮಾನ್ಯರಿಗೆ ಉತ್ತಮ ಆರೋಗ್ಯ ಸೇವೆ ಲಭ್ಯವಾಗುತ್ತಿದೆ. ಹಲವು ಮೆಡಿಕಲ್ ಕಾಲೇಜುಗಳು 9 ಲಕ್ಷ ಮಕ್ಕಳ ಚಿಕಿತ್ಸೆಗೆ ನೆರವಾಗಿವೆ ಎಂದು ಅವರು ಹೇಳಿದರು.
ಗುವಾಹಟಿ: ಅಸ್ಸಾಂನಲ್ಲಿ 15 ವರ್ಷಗಳ ಕಾಲ ಆಡಳಿತದಲ್ಲಿದ್ದ ಕಾಂಗ್ರೆಸ್ ರಾಜ್ಯ ಆರೋಗ್ಯ ಬಜೆಟ್‌ನಿಂದ ವಾರ್ಷಿಕ 150 ಕೋಟಿ ರೂ. ಗಳನ್ನು ಜೇಬಿಗೆ ಇಳಿಸುತ್ತಿತ್ತು ಎಂದು ಕೇಂದ್ರ ಗೃಹ ಸಚಿವ ಅಮಿತ್ ಶಾ ಆರೋಪಿಸಿದ್ದಾರೆ. ಬಿಜೆಪಿ ಅಧಿಕಾರಕ್ಕೆ ಬಂದ ಬಳಿಕ ಆರೋಗ್ಯ ಕ್ಷೇತ್ರದಲ್ಲಿ ಕ್ರಾಂತಿಕಾರಿ ಬದಲಾವಣೆ ತರಲಾಗಿದೆ. ಸುಮಾರು 2,092 ಕೋಟಿ ರೂ. ವೆಚ್ಚದ ಸ್ವಾಸ್ಥ್ಯ ಯೋಜನೆಗಳನ್ನು ಲೋಕಾರ್ಪಣೆ ಮಾಡಲಾಗಿದೆ. ಹೊಸ ವೈದ್ಯಕೀಯ ಕಾಲೇಜುಗಳು ಮತ್ತು ಆಸ್ಪತ್ರೆಗಳನ್ನು ಸ್ಥಾಪಿಸಲಾಗಿದ್ದು, ಜನಸಾಮಾನ್ಯರಿಗೆ ಉತ್ತಮ ಆರೋಗ್ಯ ಸೇವೆ ಲಭ್ಯವಾಗುತ್ತಿದೆ. ಹಲವು ಮೆಡಿಕಲ್ ಕಾಲೇಜುಗಳು 9 ಲಕ್ಷ ಮಕ್ಕಳ ಚಿಕಿತ್ಸೆಗೆ ನೆರವಾಗಿವೆ ಎಂದು ಅವರು ಹೇಳಿದರು.
ರಾಹುಲ್‌ಗೆ ಬ್ರೇಕ್‌ಫಾಸ್ಟ್ ಮಾಡೋ ಜಾಗ ಗೊತ್ತಿಲ್ಲ!
ವಿಪಕ್ಷ ನಾಯಕ ರಾಹುಲ್ ಗಾಂಧಿಯವರನ್ನು ಕುಟುಂಬ ರಾಜಕೀಯದ ಉದಾಹರಣೆ ಎಂದು ಅಮಿತ್ ಶಾ ಟೀಕಿಸಿದ್ದಾರೆ. ರಾಹುಲ್‌ಗೆ ಅಸ್ಸಾಂನಲ್ಲಿ ಬ್ರೇಕ್‌ಫಾಸ್ಟ್ ಮಾಡುವ ಸ್ಥಳವೂ ಗೊತ್ತಿಲ್ಲ. ಅವರಿಗೆ ರಾಜ್ಯದ ಜನರ ಸಮಸ್ಯೆಗಳ ಅರಿವಿಲ್ಲ ಎಂದು ವ್ಯಂಗ್ಯವಾಡಿದ್ದಾರೆ. ಕಾಂಗ್ರೆಸ್ ಅಸ್ಸಾಂನ ಅಭಿವೃದ್ಧಿಯನ್ನು ನಿರ್ಲಕ್ಷಿಸಿತ್ತು. ಬಿಜೆಪಿ ಸರ್ಕಾರ ರಾಜ್ಯದಲ್ಲಿ ಶಾಂತಿ ಮತ್ತು ಅಭಿವೃದ್ಧಿ ತಂದಿದೆ. ಅಕ್ರಮ ಒಳನುಸುಳುವಿಕೆ ತಡೆಯಲು ಕಠಿಣ ಕ್ರಮ ಕೈಗೊಳ್ಳಲಾಗಿದೆ ಎಂದು ಅವರು ಹೇಳಿದರು. ಮುಂದಿನ ಚುನಾವಣೆಯಲ್ಲೂ ಬಿಜೆಪಿ ಭರ್ಜರಿ ಗೆಲುವು ಸಾಧಿಸಲಿದೆ ಎಂದು ವಿಶ್ವಾಸ ವ್ಯಕ್ತಪಡಿಸಿದರು.
